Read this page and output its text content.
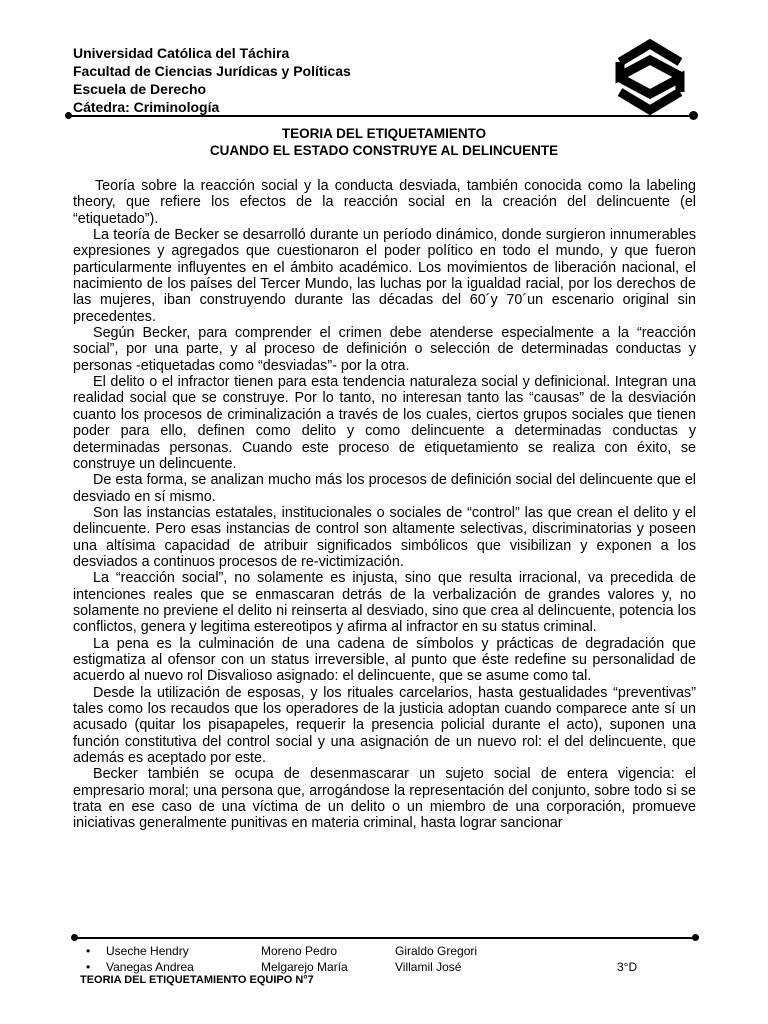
Universidad Católica del Táchira
Facultad de Ciencias Jurídicas y Políticas
Escuela de Derecho
Cátedra: Criminología
TEORIA DEL ETIQUETAMIENTO
CUANDO EL ESTADO CONSTRUYE AL DELINCUENTE

Teoría sobre la reacción social y la conducta desviada, también conocida como la labeling theory, que refiere los efectos de la reacción social en la creación del delincuente (el “etiquetado”).

La teoría de Becker se desarrolló durante un período dinámico, donde surgieron innumerables expresiones y agregados que cuestionaron el poder político en todo el mundo, y que fueron particularmente influyentes en el ámbito académico. Los movimientos de liberación nacional, el nacimiento de los países del Tercer Mundo, las luchas por la igualdad racial, por los derechos de las mujeres, iban construyendo durante las décadas del 60´y 70´un escenario original sin precedentes.

Según Becker, para comprender el crimen debe atenderse especialmente a la “reacción social”, por una parte, y al proceso de definición o selección de determinadas conductas y personas -etiquetadas como “desviadas”- por la otra.

El delito o el infractor tienen para esta tendencia naturaleza social y definicional. Integran una realidad social que se construye. Por lo tanto, no interesan tanto las “causas” de la desviación cuanto los procesos de criminalización a través de los cuales, ciertos grupos sociales que tienen poder para ello, definen como delito y como delincuente a determinadas conductas y determinadas personas. Cuando este proceso de etiquetamiento se realiza con éxito, se construye un delincuente.

De esta forma, se analizan mucho más los procesos de definición social del delincuente que el desviado en sí mismo.

Son las instancias estatales, institucionales o sociales de “control” las que crean el delito y el delincuente. Pero esas instancias de control son altamente selectivas, discriminatorias y poseen una altísima capacidad de atribuir significados simbólicos que visibilizan y exponen a los desviados a continuos procesos de re-victimización.

La “reacción social”, no solamente es injusta, sino que resulta irracional, va precedida de intenciones reales que se enmascaran detrás de la verbalización de grandes valores y, no solamente no previene el delito ni reinserta al desviado, sino que crea al delincuente, potencia los conflictos, genera y legitima estereotipos y afirma al infractor en su status criminal.

La pena es la culminación de una cadena de símbolos y prácticas de degradación que estigmatiza al ofensor con un status irreversible, al punto que éste redefine su personalidad de acuerdo al nuevo rol Disvalioso asignado: el delincuente, que se asume como tal.

Desde la utilización de esposas, y los rituales carcelarios, hasta gestualidades “preventivas” tales como los recaudos que los operadores de la justicia adoptan cuando comparece ante sí un acusado (quitar los pisapapeles, requerir la presencia policial durante el acto), suponen una función constitutiva del control social y una asignación de un nuevo rol: el del delincuente, que además es aceptado por este.

Becker también se ocupa de desenmascarar un sujeto social de entera vigencia: el empresario moral; una persona que, arrogándose la representación del conjunto, sobre todo si se trata en ese caso de una víctima de un delito o un miembro de una corporación, promueve iniciativas generalmente punitivas en materia criminal, hasta lograr sancionar

• Useche Hendry	Moreno Pedro	Giraldo Gregori
• Vanegas Andrea	Melgarejo María	Villamil José	3°D
TEORIA DEL ETIQUETAMIENTO EQUIPO N°7
